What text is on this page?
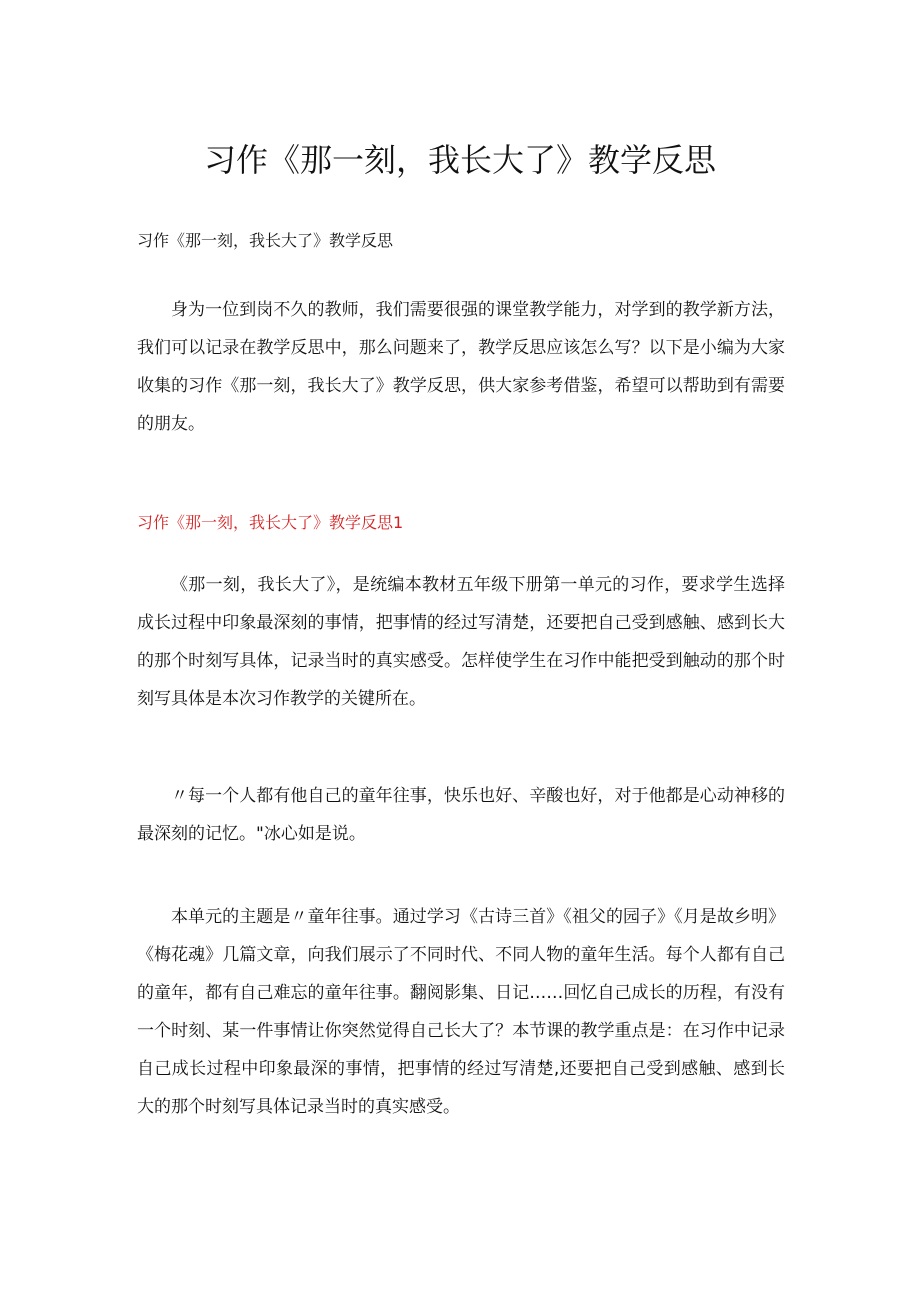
习作《那一刻，我长大了》教学反思

习作《那一刻，我长大了》教学反思

身为一位到岗不久的教师，我们需要很强的课堂教学能力，对学到的教学新方法，我们可以记录在教学反思中，那么问题来了，教学反思应该怎么写？以下是小编为大家收集的习作《那一刻，我长大了》教学反思，供大家参考借鉴，希望可以帮助到有需要的朋友。

习作《那一刻，我长大了》教学反思1

《那一刻，我长大了》，是统编本教材五年级下册第一单元的习作，要求学生选择成长过程中印象最深刻的事情，把事情的经过写清楚，还要把自己受到感触、感到长大的那个时刻写具体，记录当时的真实感受。怎样使学生在习作中能把受到触动的那个时刻写具体是本次习作教学的关键所在。

〃每一个人都有他自己的童年往事，快乐也好、辛酸也好，对于他都是心动神移的最深刻的记忆。"冰心如是说。

本单元的主题是〃童年往事。通过学习《古诗三首》《祖父的园子》《月是故乡明》《梅花魂》几篇文章，向我们展示了不同时代、不同人物的童年生活。每个人都有自己的童年，都有自己难忘的童年往事。翻阅影集、日记……回忆自己成长的历程，有没有一个时刻、某一件事情让你突然觉得自己长大了？本节课的教学重点是：在习作中记录自己成长过程中印象最深的事情，把事情的经过写清楚,还要把自己受到感触、感到长大的那个时刻写具体记录当时的真实感受。
